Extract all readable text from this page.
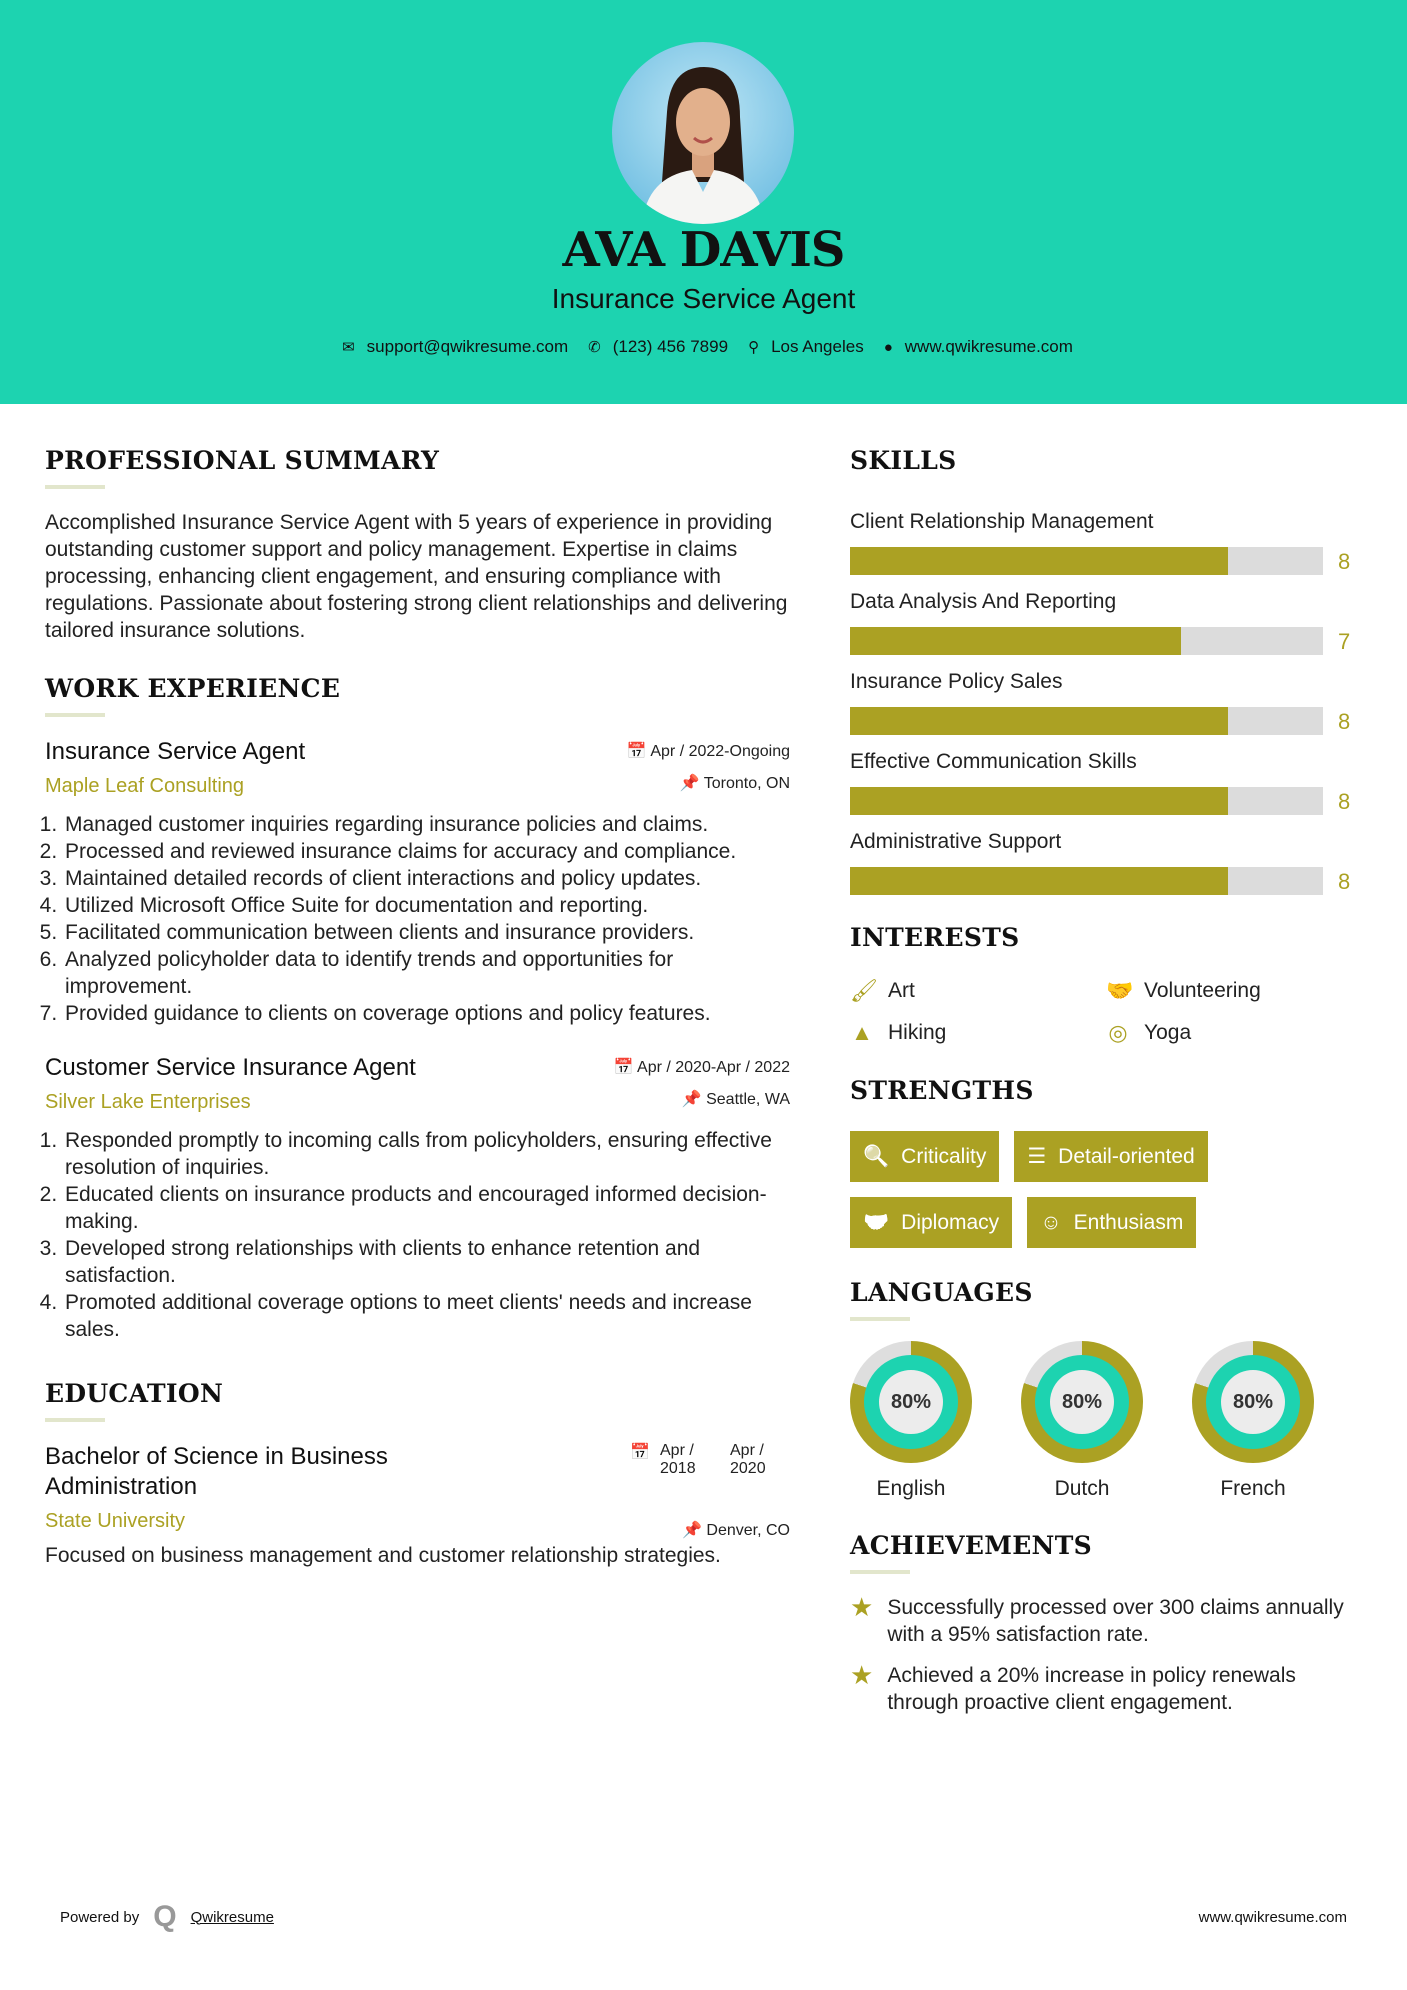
AVA DAVIS
Insurance Service Agent
✉ support@qwikresume.com ✆ (123) 456 7899 ⚲ Los Angeles ● www.qwikresume.com
PROFESSIONAL SUMMARY

Accomplished Insurance Service Agent with 5 years of experience in providing outstanding customer support and policy management. Expertise in claims processing, enhancing client engagement, and ensuring compliance with regulations. Passionate about fostering strong client relationships and delivering tailored insurance solutions.

WORK EXPERIENCE
Insurance Service Agent	📅 Apr / 2022-Ongoing
📌 Toronto, ON
Maple Leaf Consulting
1. Managed customer inquiries regarding insurance policies and claims.
2. Processed and reviewed insurance claims for accuracy and compliance.
3. Maintained detailed records of client interactions and policy updates.
4. Utilized Microsoft Office Suite for documentation and reporting.
5. Facilitated communication between clients and insurance providers.
6. Analyzed policyholder data to identify trends and opportunities for improvement.
7. Provided guidance to clients on coverage options and policy features.
Customer Service Insurance Agent	📅 Apr / 2020-Apr / 2022
📌 Seattle, WA
Silver Lake Enterprises
1. Responded promptly to incoming calls from policyholders, ensuring effective resolution of inquiries.
2. Educated clients on insurance products and encouraged informed decision-making.
3. Developed strong relationships with clients to enhance retention and satisfaction.
4. Promoted additional coverage options to meet clients' needs and increase sales.
EDUCATION
Bachelor of Science in Business Administration
📅 Apr / 2018
Apr / 2020
📌 Denver, CO
State University

Focused on business management and customer relationship strategies.

SKILLS
Client Relationship Management
8
Data Analysis And Reporting
7
Insurance Policy Sales
8
Effective Communication Skills
8
Administrative Support
8
INTERESTS
🖌 Art	🤝 Volunteering
▲ Hiking	◎ Yoga
STRENGTHS
🔍 Criticality ☰ Detail-oriented
🤝 Diplomacy ☺ Enthusiasm
LANGUAGES
80%
English
80%
Dutch
80%
French
ACHIEVEMENTS
★ Successfully processed over 300 claims annually with a 95% satisfaction rate.
★ Achieved a 20% increase in policy renewals through proactive client engagement.
Powered by Q Qwikresume	www.qwikresume.com
